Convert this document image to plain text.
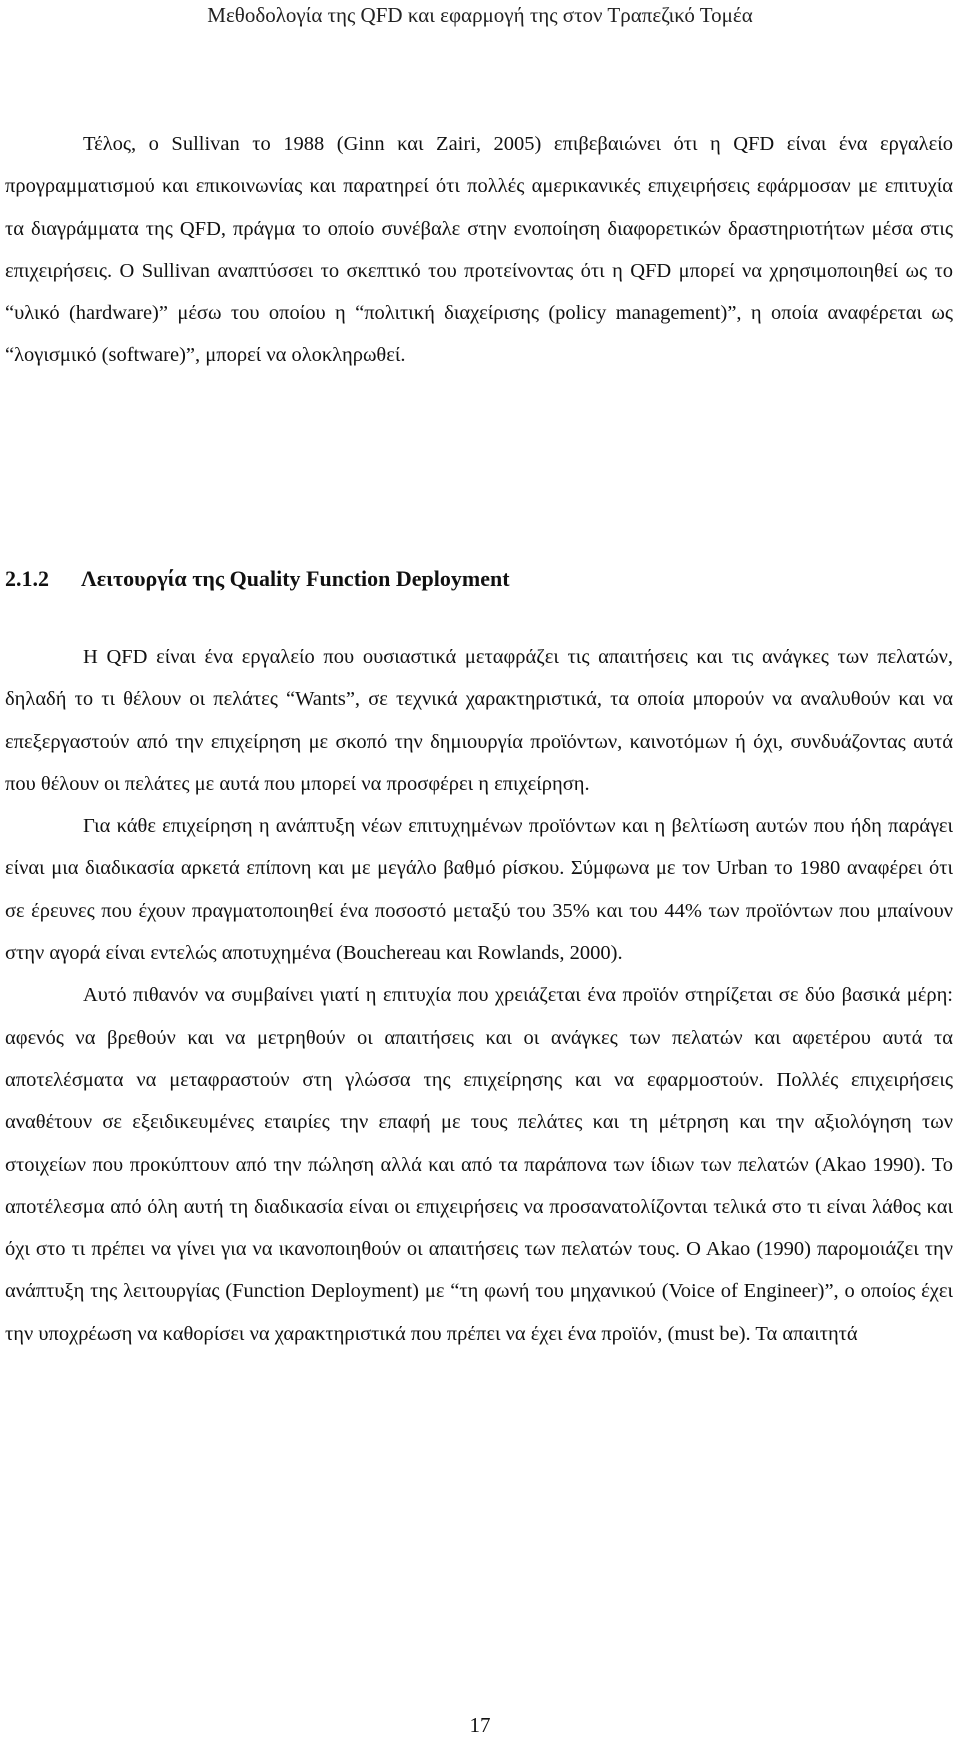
Μεθοδολογία της QFD και εφαρμογή της στον Τραπεζικό Τομέα

Τέλος, ο Sullivan το 1988 (Ginn και Zairi, 2005) επιβεβαιώνει ότι η QFD είναι ένα εργαλείο προγραμματισμού και επικοινωνίας και παρατηρεί ότι πολλές αμερικανικές επιχειρήσεις εφάρμοσαν με επιτυχία τα διαγράμματα της QFD, πράγμα το οποίο συνέβαλε στην ενοποίηση διαφορετικών δραστηριοτήτων μέσα στις επιχειρήσεις. O Sullivan αναπτύσσει το σκεπτικό του προτείνοντας ότι η QFD μπορεί να χρησιμοποιηθεί ως το “υλικό (hardware)” μέσω του οποίου η “πολιτική διαχείρισης (policy management)”, η οποία αναφέρεται ως “λογισμικό (software)”, μπορεί να ολοκληρωθεί.

2.1.2 Λειτουργία της Quality Function Deployment

Η QFD είναι ένα εργαλείο που ουσιαστικά μεταφράζει τις απαιτήσεις και τις ανάγκες των πελατών, δηλαδή το τι θέλουν οι πελάτες “Wants”, σε τεχνικά χαρακτηριστικά, τα οποία μπορούν να αναλυθούν και να επεξεργαστούν από την επιχείρηση με σκοπό την δημιουργία προϊόντων, καινοτόμων ή όχι, συνδυάζοντας αυτά που θέλουν οι πελάτες με αυτά που μπορεί να προσφέρει η επιχείρηση.

Για κάθε επιχείρηση η ανάπτυξη νέων επιτυχημένων προϊόντων και η βελτίωση αυτών που ήδη παράγει είναι μια διαδικασία αρκετά επίπονη και με μεγάλο βαθμό ρίσκου. Σύμφωνα με τον Urban το 1980 αναφέρει ότι σε έρευνες που έχουν πραγματοποιηθεί ένα ποσοστό μεταξύ του 35% και του 44% των προϊόντων που μπαίνουν στην αγορά είναι εντελώς αποτυχημένα (Bouchereau και Rowlands, 2000).

Αυτό πιθανόν να συμβαίνει γιατί η επιτυχία που χρειάζεται ένα προϊόν στηρίζεται σε δύο βασικά μέρη: αφενός να βρεθούν και να μετρηθούν οι απαιτήσεις και οι ανάγκες των πελατών και αφετέρου αυτά τα αποτελέσματα να μεταφραστούν στη γλώσσα της επιχείρησης και να εφαρμοστούν. Πολλές επιχειρήσεις αναθέτουν σε εξειδικευμένες εταιρίες την επαφή με τους πελάτες και τη μέτρηση και την αξιολόγηση των στοιχείων που προκύπτουν από την πώληση αλλά και από τα παράπονα των ίδιων των πελατών (Akao 1990). Το αποτέλεσμα από όλη αυτή τη διαδικασία είναι οι επιχειρήσεις να προσανατολίζονται τελικά στο τι είναι λάθος και όχι στο τι πρέπει να γίνει για να ικανοποιηθούν οι απαιτήσεις των πελατών τους. O Akao (1990) παρομοιάζει την ανάπτυξη της λειτουργίας (Function Deployment) με “τη φωνή του μηχανικού (Voice of Engineer)”, ο οποίος έχει την υποχρέωση να καθορίσει να χαρακτηριστικά που πρέπει να έχει ένα προϊόν, (must be). Τα απαιτητά

17
